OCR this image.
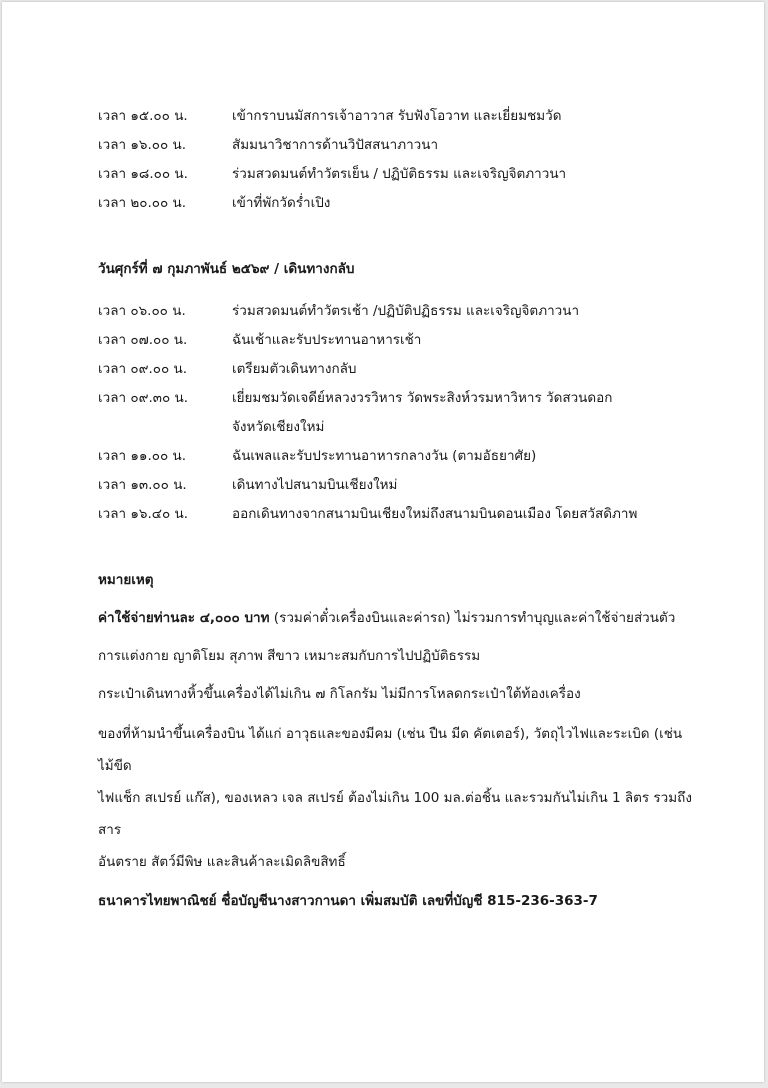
เวลา ๑๕.๐๐ น.	เข้ากราบนมัสการเจ้าอาวาส รับฟังโอวาท และเยี่ยมชมวัด
เวลา ๑๖.๐๐ น.	สัมมนาวิชาการด้านวิปัสสนาภาวนา
เวลา ๑๘.๐๐ น.	ร่วมสวดมนต์ทำวัตรเย็น / ปฏิบัติธรรม และเจริญจิตภาวนา
เวลา ๒๐.๐๐ น.	เข้าที่พักวัดร่ำเปิง
วันศุกร์ที่ ๗ กุมภาพันธ์ ๒๕๖๙ / เดินทางกลับ
เวลา ๐๖.๐๐ น.	ร่วมสวดมนต์ทำวัตรเช้า /ปฏิบัติปฏิธรรม และเจริญจิตภาวนา
เวลา ๐๗.๐๐ น.	ฉันเช้าและรับประทานอาหารเช้า
เวลา ๐๙.๐๐ น.	เตรียมตัวเดินทางกลับ
เวลา ๐๙.๓๐ น.	เยี่ยมชมวัดเจดีย์หลวงวรวิหาร วัดพระสิงห์วรมหาวิหาร วัดสวนดอก
จังหวัดเชียงใหม่
เวลา ๑๑.๐๐ น.	ฉันเพลและรับประทานอาหารกลางวัน (ตามอัธยาศัย)
เวลา ๑๓.๐๐ น.	เดินทางไปสนามบินเชียงใหม่
เวลา ๑๖.๔๐ น.	ออกเดินทางจากสนามบินเชียงใหม่ถึงสนามบินดอนเมือง โดยสวัสดิภาพ
หมายเหตุ
ค่าใช้จ่ายท่านละ ๔,๐๐๐ บาท (รวมค่าตั๋วเครื่องบินและค่ารถ) ไม่รวมการทำบุญและค่าใช้จ่ายส่วนตัว
การแต่งกาย ญาติโยม สุภาพ สีขาว เหมาะสมกับการไปปฏิบัติธรรม
กระเป๋าเดินทางหิ้วขึ้นเครื่องได้ไม่เกิน ๗ กิโลกรัม ไม่มีการโหลดกระเป๋าใต้ท้องเครื่อง
ของที่ห้ามนำขึ้นเครื่องบิน ได้แก่ อาวุธและของมีคม (เช่น ปืน มีด คัตเตอร์), วัตถุไวไฟและระเบิด (เช่น ไม้ขีด
ไฟแช็ก สเปรย์ แก๊ส), ของเหลว เจล สเปรย์ ต้องไม่เกิน 100 มล.ต่อชิ้น และรวมกันไม่เกิน 1 ลิตร รวมถึง สาร
อันตราย สัตว์มีพิษ และสินค้าละเมิดลิขสิทธิ์
ธนาคารไทยพาณิชย์ ชื่อบัญชีนางสาวกานดา เพิ่มสมบัติ เลขที่บัญชี 815-236-363-7
